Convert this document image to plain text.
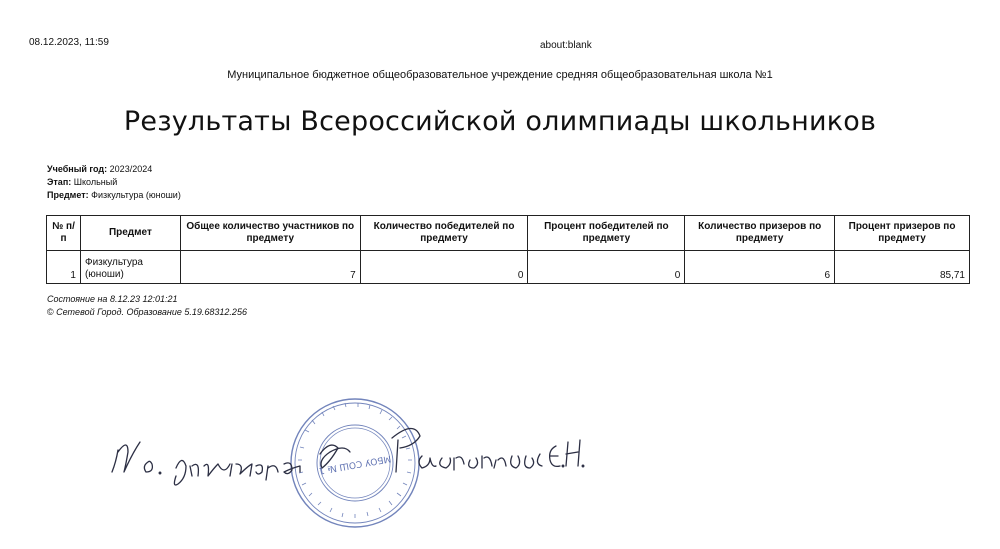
08.12.2023, 11:59	about:blank
Муниципальное бюджетное общеобразовательное учреждение средняя общеобразовательная школа №1
Результаты Всероссийской олимпиады школьников
Учебный год: 2023/2024
Этап: Школьный
Предмет: Физкультура (юноши)
№ п/п	Предмет	Общее количество участников по предмету	Количество победителей по предмету	Процент победителей по предмету	Количество призеров по предмету	Процент призеров по предмету
1	Физкультура (юноши)	7	0	0	6	85,71
Состояние на 8.12.23 12:01:21
© Сетевой Город. Образование 5.19.68312.256
МБОУ СОШ № 1
И.о. директора Пасленикова Е.Н.
